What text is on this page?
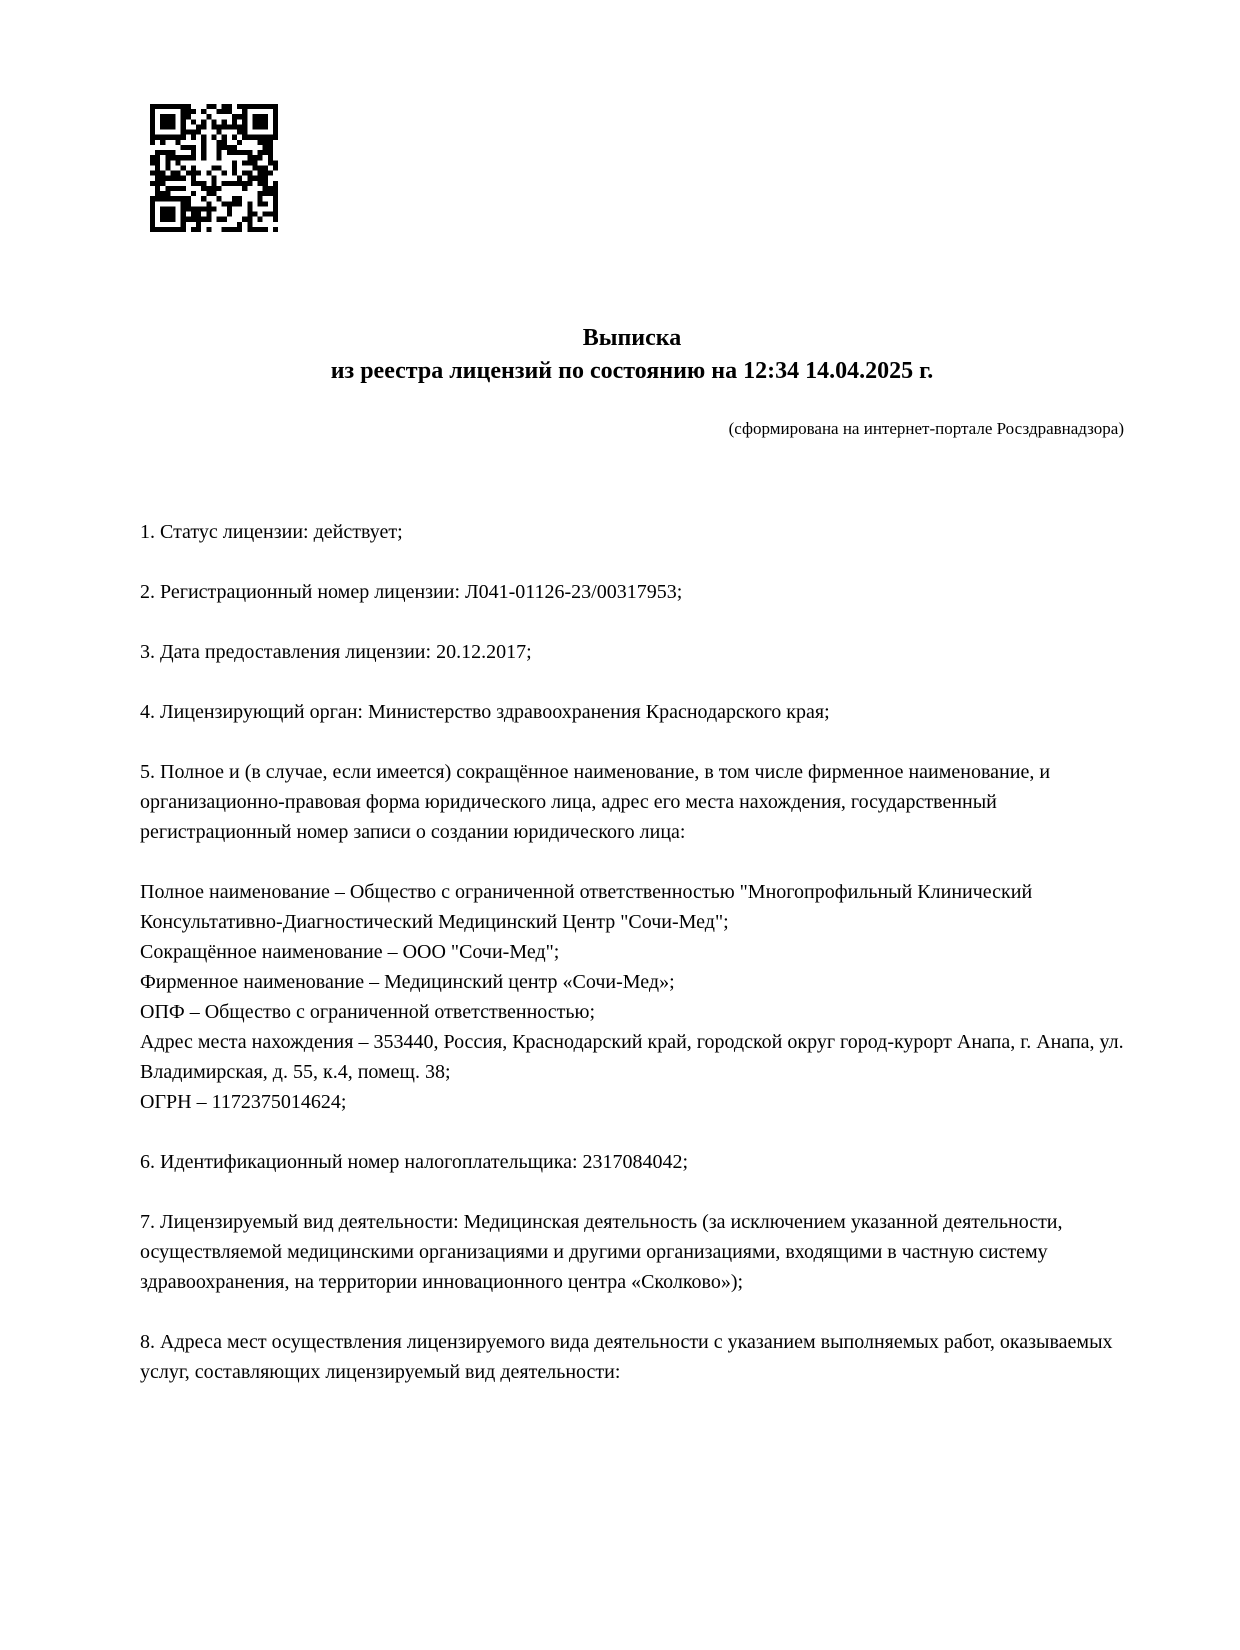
Выписка
из реестра лицензий по состоянию на 12:34 14.04.2025 г.
(сформирована на интернет-портале Росздравнадзора)

1. Статус лицензии: действует;

2. Регистрационный номер лицензии: Л041-01126-23/00317953;

3. Дата предоставления лицензии: 20.12.2017;

4. Лицензирующий орган: Министерство здравоохранения Краснодарского края;

5. Полное и (в случае, если имеется) сокращённое наименование, в том числе фирменное наименование, и организационно-правовая форма юридического лица, адрес его места нахождения, государственный регистрационный номер записи о создании юридического лица:

Полное наименование – Общество с ограниченной ответственностью "Многопрофильный Клинический Консультативно-Диагностический Медицинский Центр "Сочи-Мед";
Сокращённое наименование – ООО "Сочи-Мед";
Фирменное наименование – Медицинский центр «Сочи-Мед»;
ОПФ – Общество с ограниченной ответственностью;
Адрес места нахождения – 353440, Россия, Краснодарский край, городской округ город-курорт Анапа, г. Анапа, ул. Владимирская, д. 55, к.4, помещ. 38;
ОГРН – 1172375014624;

6. Идентификационный номер налогоплательщика: 2317084042;

7. Лицензируемый вид деятельности: Медицинская деятельность (за исключением указанной деятельности, осуществляемой медицинскими организациями и другими организациями, входящими в частную систему здравоохранения, на территории инновационного центра «Сколково»);

8. Адреса мест осуществления лицензируемого вида деятельности с указанием выполняемых работ, оказываемых услуг, составляющих лицензируемый вид деятельности:
